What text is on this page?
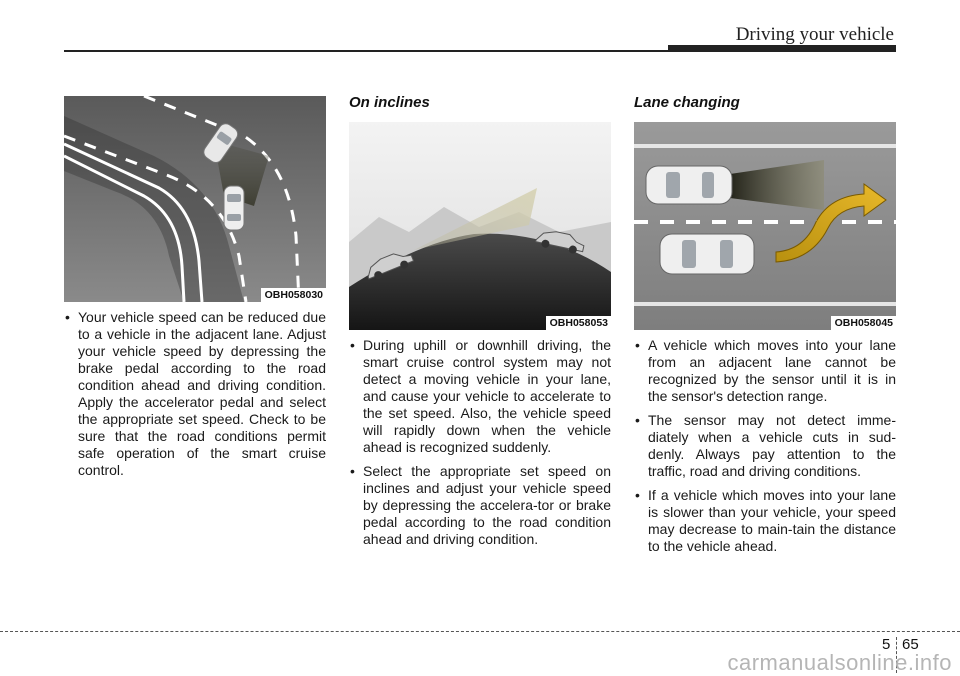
Driving your vehicle
OBH058030
• Your vehicle speed can be reduced due to a vehicle in the adjacent lane. Adjust your vehicle speed by depressing the brake pedal according to the road condition ahead and driving condition. Apply the accelerator pedal and select the appropriate set speed. Check to be sure that the road conditions permit safe operation of the smart cruise control.
On inclines
OBH058053
• During uphill or downhill driving, the smart cruise control system may not detect a moving vehicle in your lane, and cause your vehicle to accelerate to the set speed. Also, the vehicle speed will rapidly down when the vehicle ahead is recognized suddenly.
• Select the appropriate set speed on inclines and adjust your vehicle speed by depressing the accelera-tor or brake pedal according to the road condition ahead and driving condition.
Lane changing
OBH058045
• A vehicle which moves into your lane from an adjacent lane cannot be recognized by the sensor until it is in the sensor's detection range.
• The sensor may not detect imme-diately when a vehicle cuts in sud-denly. Always pay attention to the traffic, road and driving conditions.
• If a vehicle which moves into your lane is slower than your vehicle, your speed may decrease to main-tain the distance to the vehicle ahead.
5 65
carmanualsonline.info
